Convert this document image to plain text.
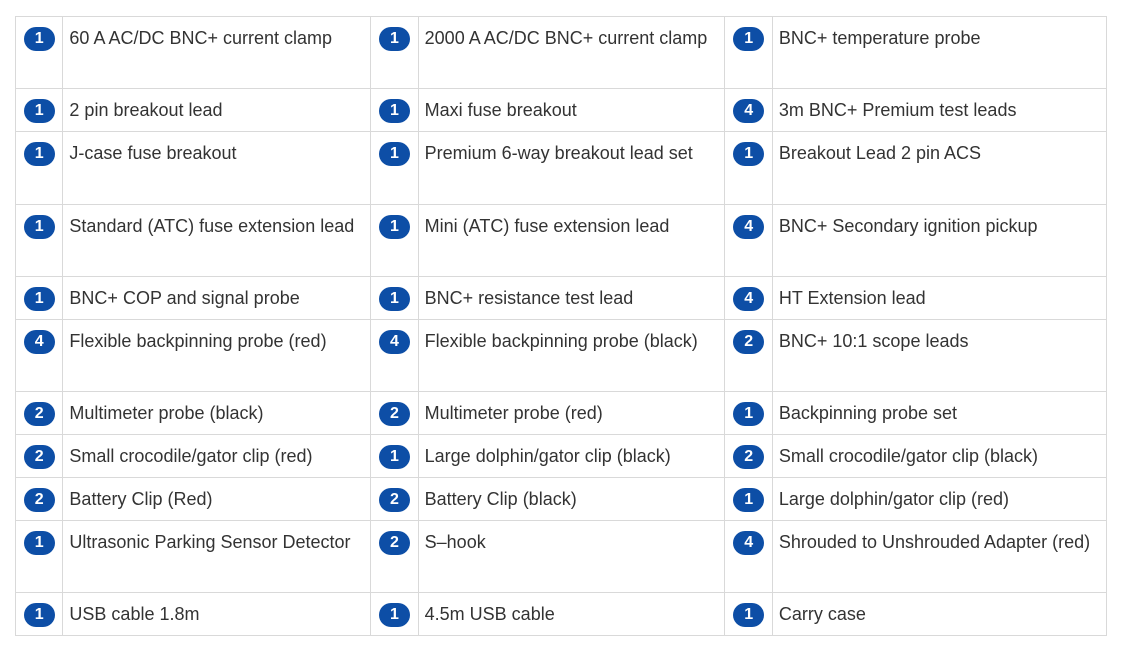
1	60 A AC/DC BNC+ current clamp	1	2000 A AC/DC BNC+ current clamp	1	BNC+ temperature probe

1	2 pin breakout lead	1	Maxi fuse breakout	4	3m BNC+ Premium test leads

1	J-case fuse breakout	1	Premium 6-way breakout lead set	1	Breakout Lead 2 pin ACS

1	Standard (ATC) fuse extension lead	1	Mini (ATC) fuse extension lead	4	BNC+ Secondary ignition pickup

1	BNC+ COP and signal probe	1	BNC+ resistance test lead	4	HT Extension lead

4	Flexible backpinning probe (red)	4	Flexible backpinning probe (black)	2	BNC+ 10:1 scope leads

2	Multimeter probe (black)	2	Multimeter probe (red)	1	Backpinning probe set

2	Small crocodile/gator clip (red)	1	Large dolphin/gator clip (black)	2	Small crocodile/gator clip (black)

2	Battery Clip (Red)	2	Battery Clip (black)	1	Large dolphin/gator clip (red)

1	Ultrasonic Parking Sensor Detector	2	S–hook	4	Shrouded to Unshrouded Adapter (red)

1	USB cable 1.8m	1	4.5m USB cable	1	Carry case
